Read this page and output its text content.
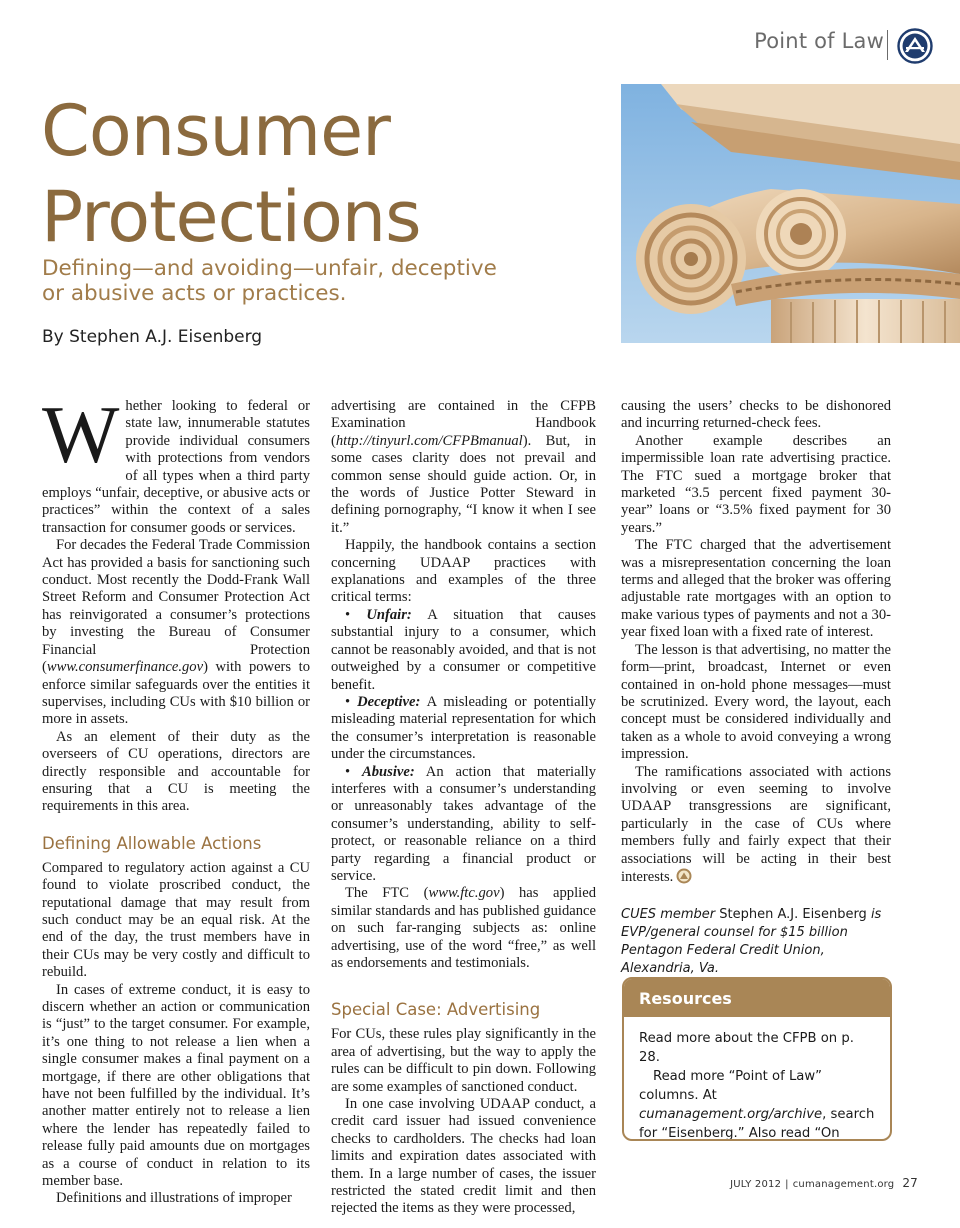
Point of Law
Consumer
Protections
Defining—and avoiding—unfair, deceptive
or abusive acts or practices.
By Stephen A.J. Eisenberg

Whether looking to federal or state law, innumerable statutes provide individual consumers with protections from vendors of all types when a third party employs “unfair, deceptive, or abusive acts or practices” within the context of a sales transaction for consumer goods or services.

For decades the Federal Trade Commission Act has provided a basis for sanctioning such conduct. Most recently the Dodd-Frank Wall Street Reform and Consumer Protection Act has reinvigorated a consumer’s protections by investing the Bureau of Consumer Financial Protection (www.consumerfinance.gov) with powers to enforce similar safeguards over the entities it supervises, including CUs with $10 billion or more in assets.

As an element of their duty as the overseers of CU operations, directors are directly responsible and accountable for ensuring that a CU is meeting the requirements in this area.

Defining Allowable Actions

Compared to regulatory action against a CU found to violate proscribed conduct, the reputational damage that may result from such conduct may be an equal risk. At the end of the day, the trust members have in their CUs may be very costly and difficult to rebuild.

In cases of extreme conduct, it is easy to discern whether an action or communication is “just” to the target consumer. For example, it’s one thing to not release a lien when a single consumer makes a final payment on a mortgage, if there are other obligations that have not been fulfilled by the individual. It’s another matter entirely not to release a lien where the lender has repeatedly failed to release fully paid amounts due on mortgages as a course of conduct in relation to its member base.

Definitions and illustrations of improper

advertising are contained in the CFPB Examination Handbook (http://tinyurl.com/CFPBmanual). But, in some cases clarity does not prevail and common sense should guide action. Or, in the words of Justice Potter Steward in defining pornography, “I know it when I see it.”

Happily, the handbook contains a section concerning UDAAP practices with explanations and examples of the three critical terms:

• Unfair: A situation that causes substantial injury to a consumer, which cannot be reasonably avoided, and that is not outweighed by a consumer or competitive benefit.

• Deceptive: A misleading or potentially misleading material representation for which the consumer’s interpretation is reasonable under the circumstances.

• Abusive: An action that materially interferes with a consumer’s understanding or unreasonably takes advantage of the consumer’s understanding, ability to self-protect, or reasonable reliance on a third party regarding a financial product or service.

The FTC (www.ftc.gov) has applied similar standards and has published guidance on such far-ranging subjects as: online advertising, use of the word “free,” as well as endorsements and testimonials.

Special Case: Advertising

For CUs, these rules play significantly in the area of advertising, but the way to apply the rules can be difficult to pin down. Following are some examples of sanctioned conduct.

In one case involving UDAAP conduct, a credit card issuer had issued convenience checks to cardholders. The checks had loan limits and expiration dates associated with them. In a large number of cases, the issuer restricted the stated credit limit and then rejected the items as they were processed,

causing the users’ checks to be dishonored and incurring returned-check fees.

Another example describes an impermissible loan rate advertising practice. The FTC sued a mortgage broker that marketed “3.5 percent fixed payment 30-year” loans or “3.5% fixed payment for 30 years.”

The FTC charged that the advertisement was a misrepresentation concerning the loan terms and alleged that the broker was offering adjustable rate mortgages with an option to make various types of payments and not a 30-year fixed loan with a fixed rate of interest.

The lesson is that advertising, no matter the form—print, broadcast, Internet or even contained in on-hold phone messages—must be scrutinized. Every word, the layout, each concept must be considered individually and taken as a whole to avoid conveying a wrong impression.

The ramifications associated with actions involving or even seeming to involve UDAAP transgressions are significant, particularly in the case of CUs where members fully and fairly expect that their associations will be acting in their best interests.

CUES member Stephen A.J. Eisenberg is EVP/general counsel for $15 billion Pentagon Federal Credit Union, Alexandria, Va.
Resources

Read more about the CFPB on p. 28.

Read more “Point of Law” columns. At cumanagement.org/archive, search for “Eisenberg.” Also read “On

JULY 2012 | cumanagement.org 27
